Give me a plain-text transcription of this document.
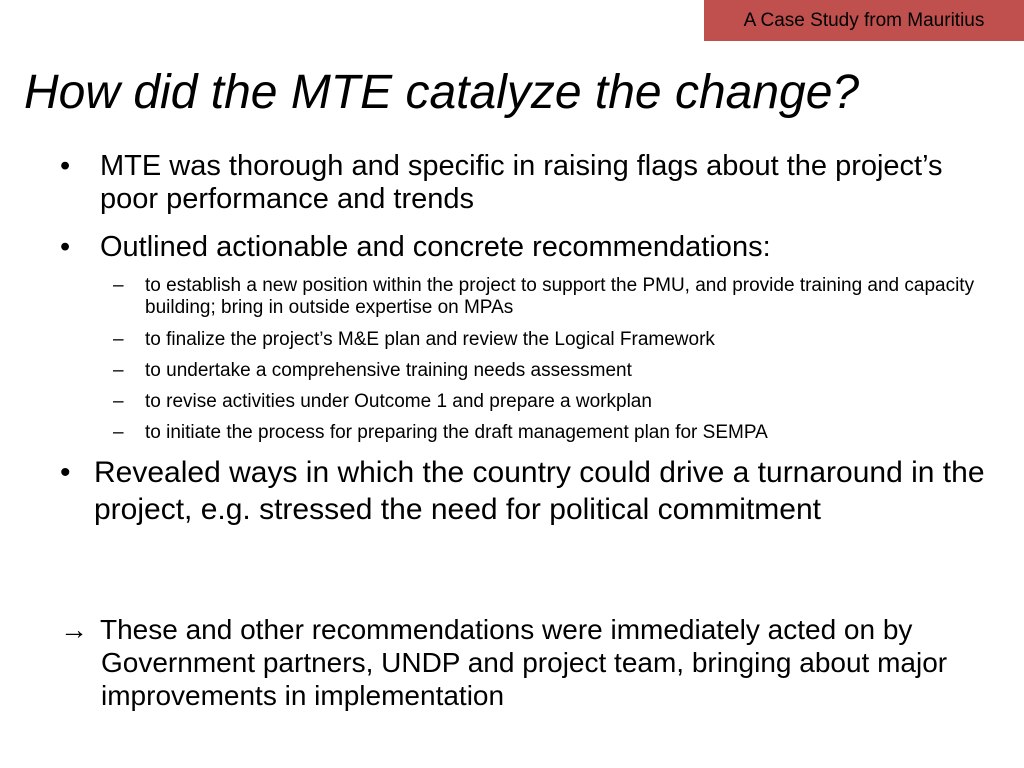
A Case Study from Mauritius
How did the MTE catalyze the change?
•	MTE was thorough and specific in raising flags about the project’s poor performance and trends
•	Outlined actionable and concrete recommendations:
–	to establish a new position within the project to support the PMU, and provide training and capacity building; bring in outside expertise on MPAs
–	to finalize the project’s M&E plan and review the Logical Framework
–	to undertake a comprehensive training needs assessment
–	to revise activities under Outcome 1 and prepare a workplan
–	to initiate the process for preparing the draft management plan for SEMPA
• Revealed ways in which the country could drive a turnaround in the project, e.g. stressed the need for political commitment
→ These and other recommendations were immediately acted on by Government partners, UNDP and project team, bringing about major improvements in implementation
